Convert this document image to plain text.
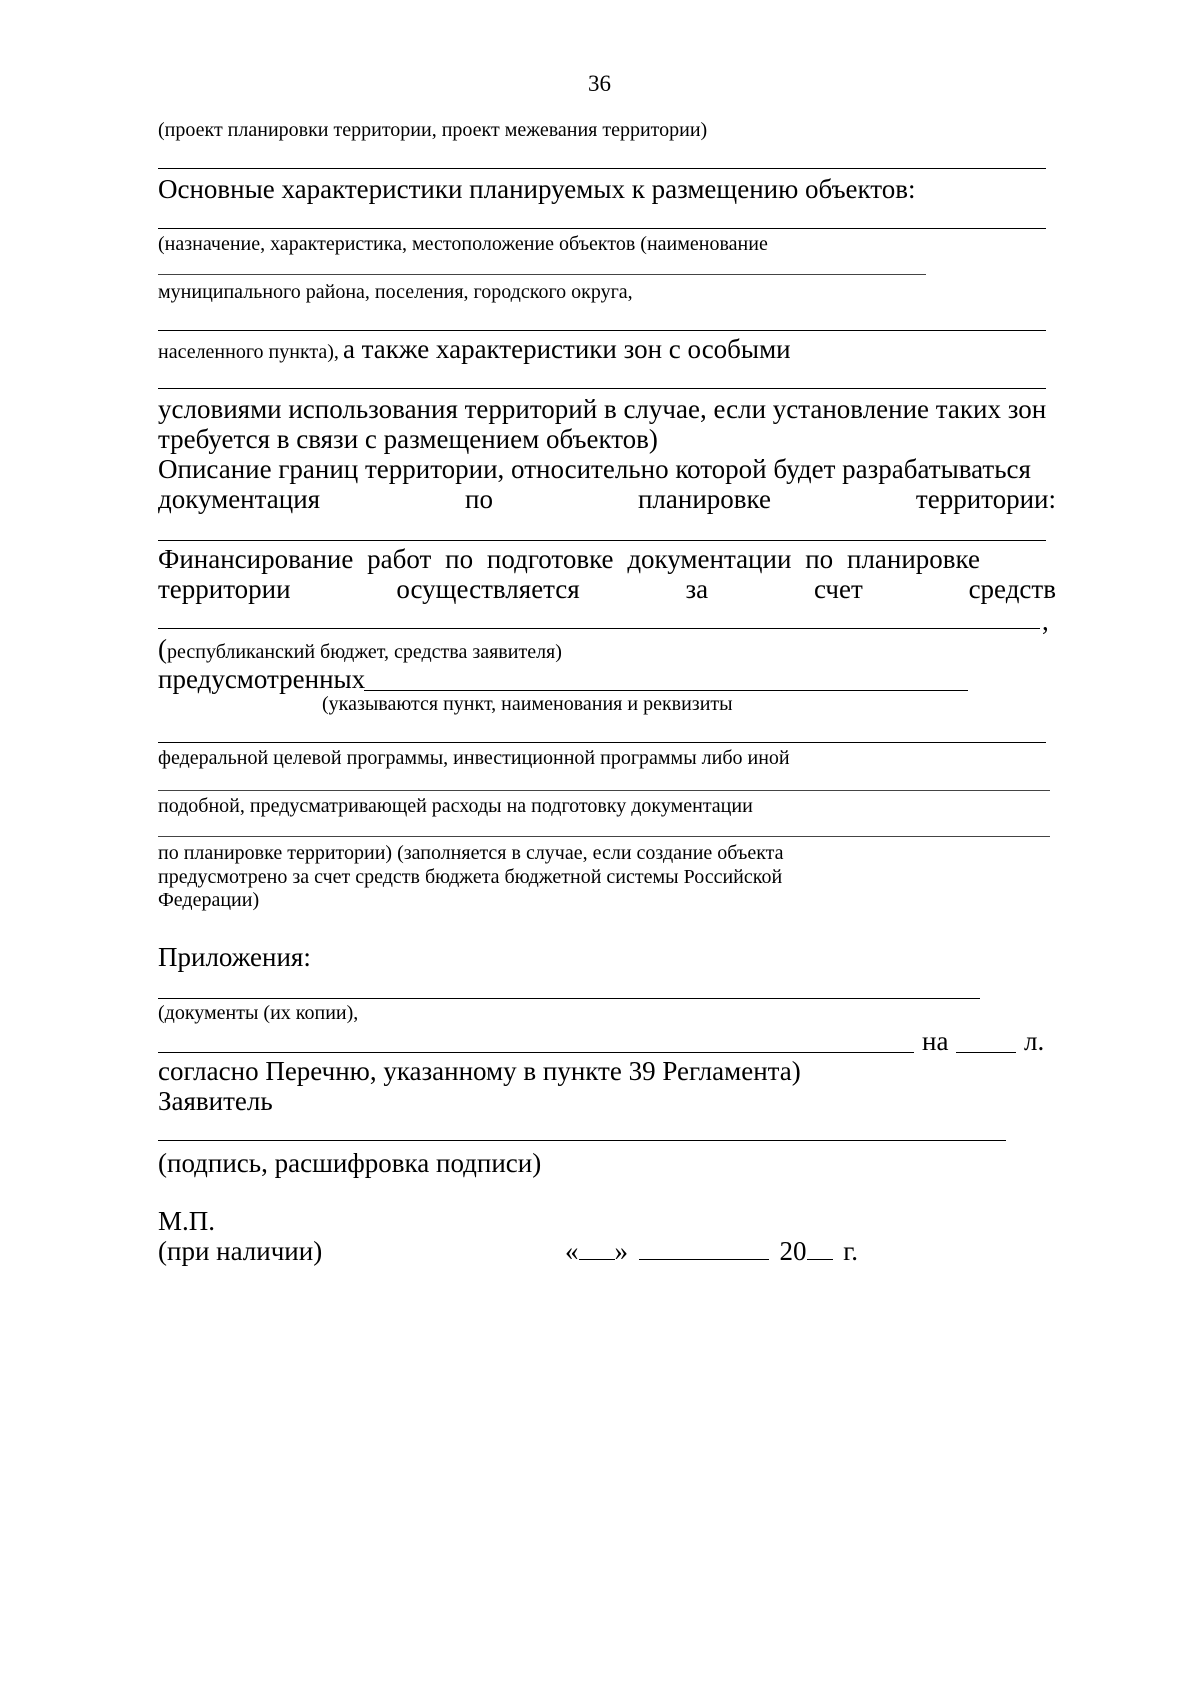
36
(проект планировки территории, проект межевания территории)
Основные характеристики планируемых к размещению объектов:
(назначение, характеристика, местоположение объектов (наименование
муниципального района, поселения, городского округа,
населенного пункта), а также характеристики зон с особыми
условиями использования территорий в случае, если установление таких зон
требуется в связи с размещением объектов)
Описание границ территории, относительно которой будет разрабатываться
документация	по	планировке	территории:
Финансирование работ по подготовке документации по планировке
территории	осуществляется	за	счет	средств
,
(республиканский бюджет, средства заявителя)
предусмотренных
(указываются пункт, наименования и реквизиты
федеральной целевой программы, инвестиционной программы либо иной
подобной, предусматривающей расходы на подготовку документации
по планировке территории) (заполняется в случае, если создание объекта
предусмотрено за счет средств бюджета бюджетной системы Российской
Федерации)
Приложения:
(документы (их копии),
на	л.
согласно Перечню, указанному в пункте 39 Регламента)
Заявитель
(подпись, расшифровка подписи)
М.П.
(при наличии)	« »	20 г.
